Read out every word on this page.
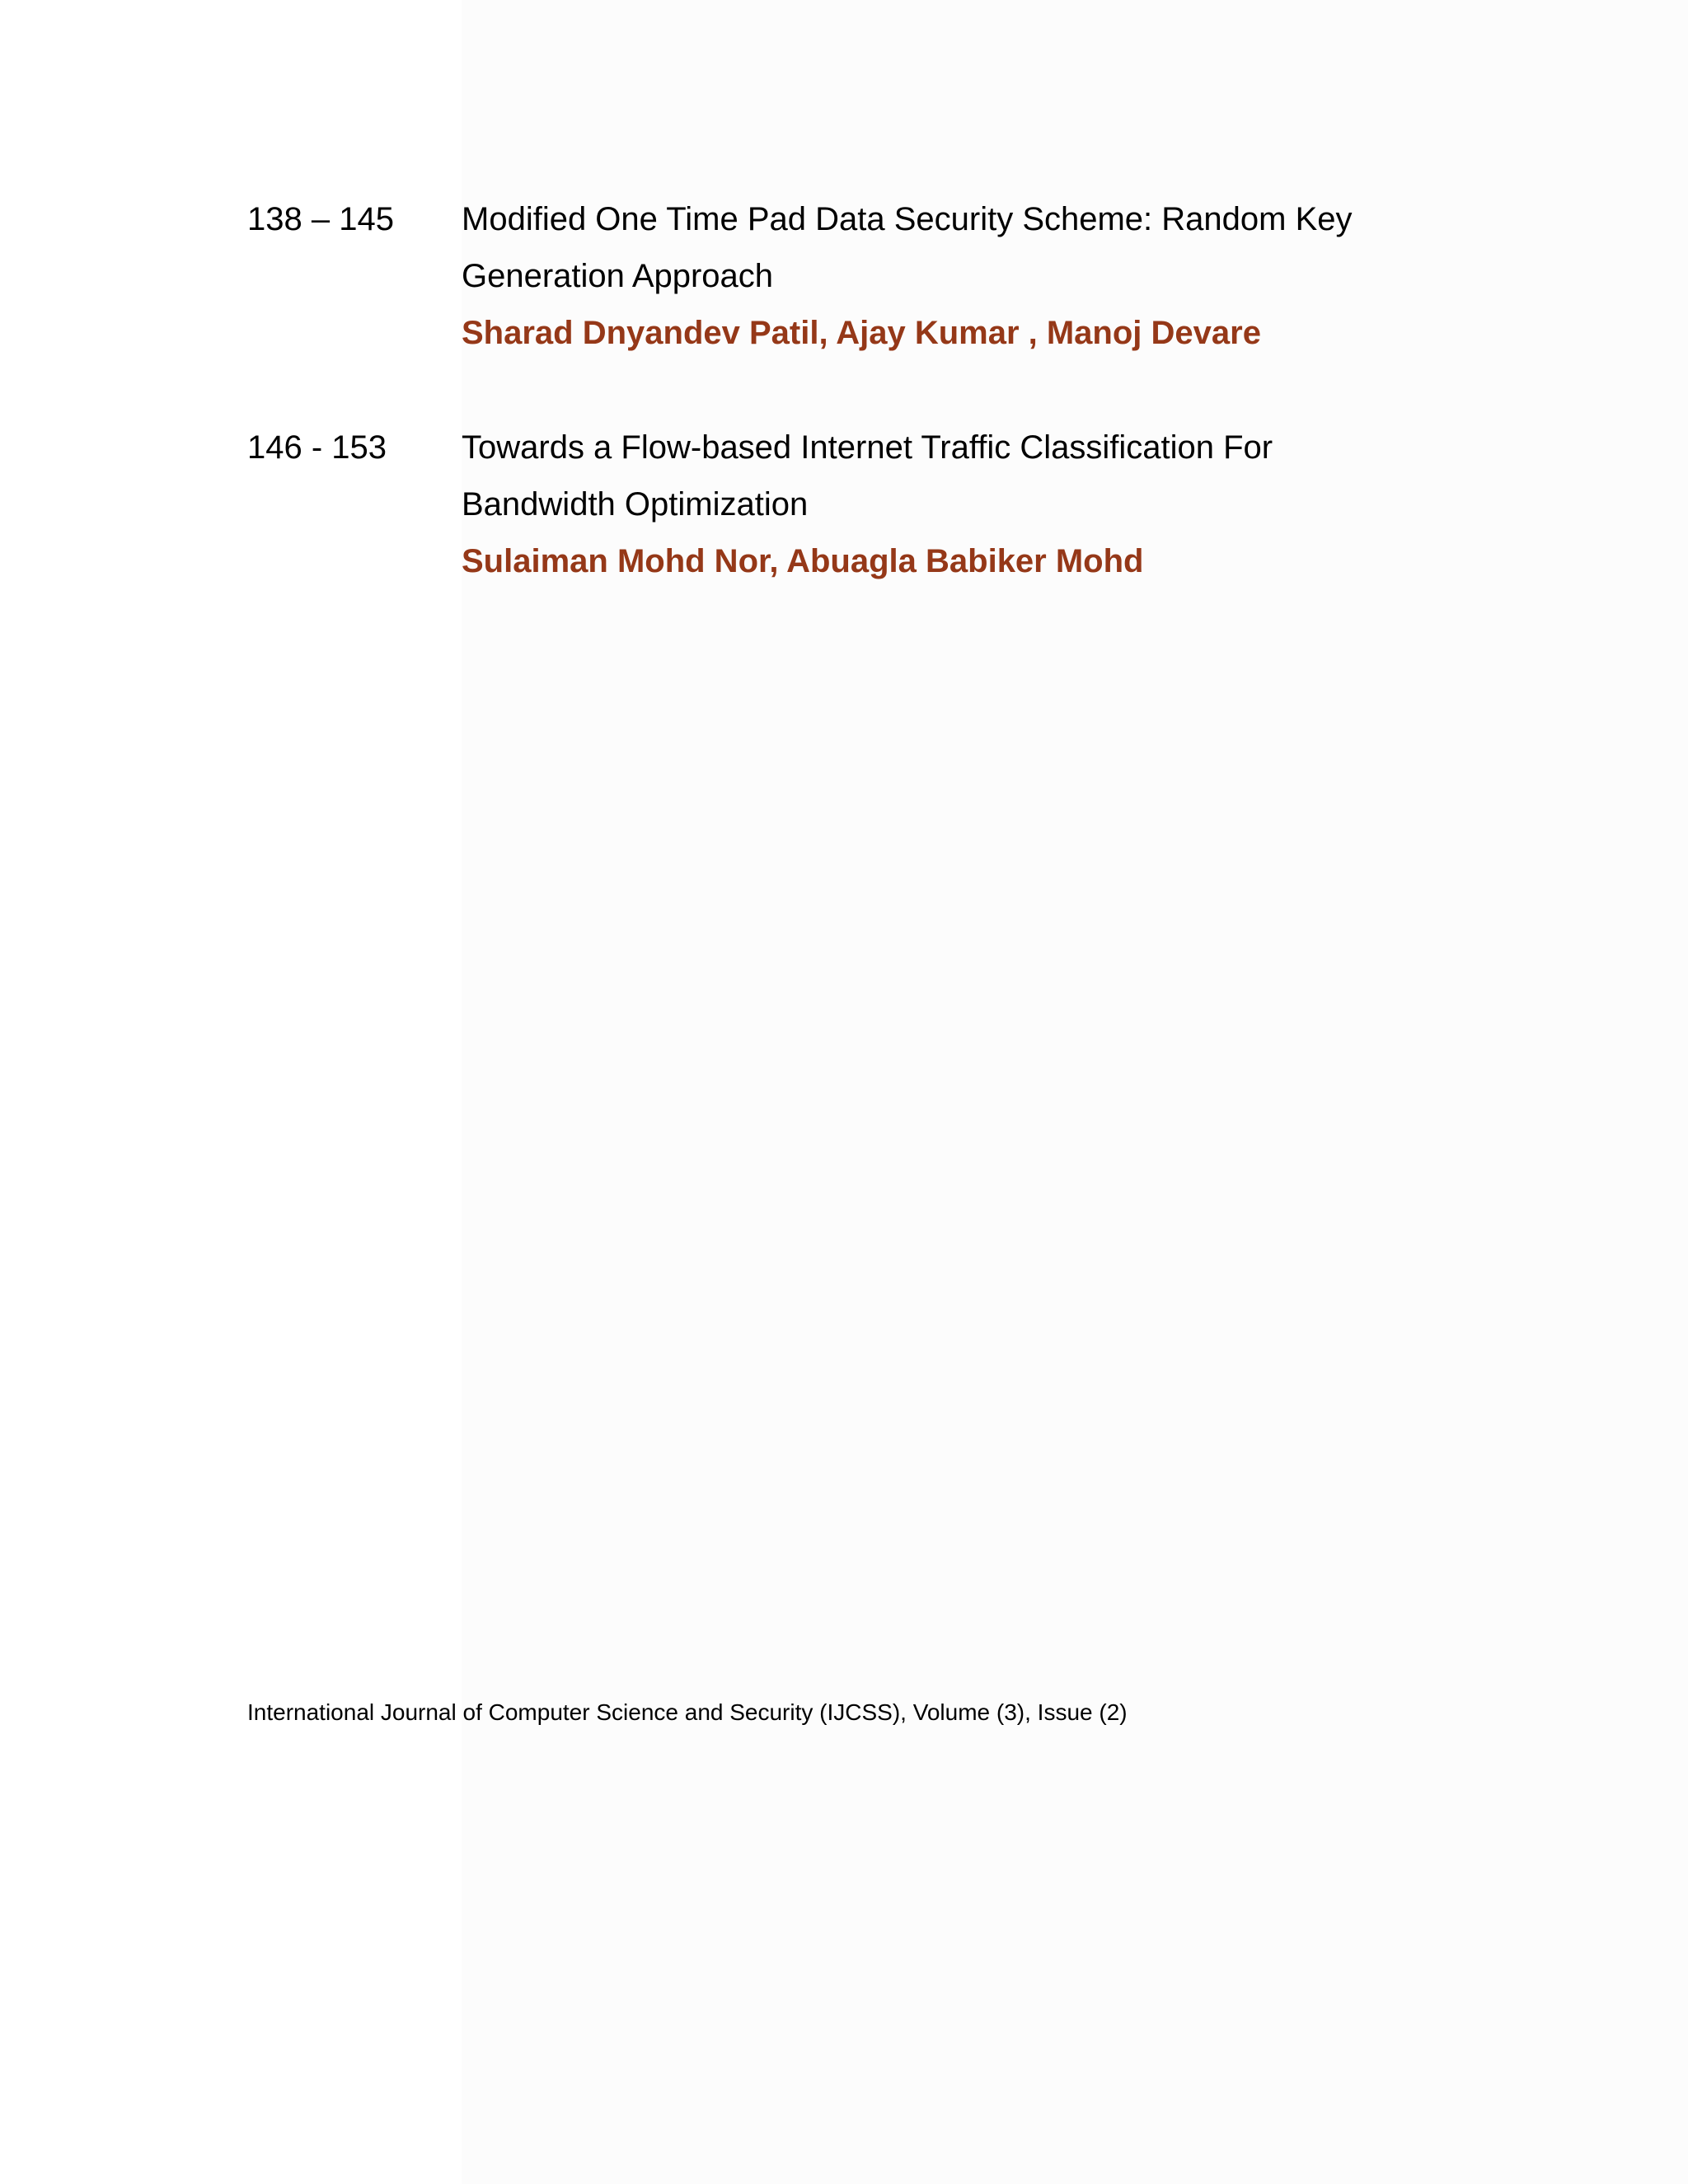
138 – 145 Modified One Time Pad Data Security Scheme: Random Key
Generation Approach
Sharad Dnyandev Patil, Ajay Kumar , Manoj Devare
146 - 153 Towards a Flow-based Internet Traffic Classification For
Bandwidth Optimization
Sulaiman Mohd Nor, Abuagla Babiker Mohd
International Journal of Computer Science and Security (IJCSS), Volume (3), Issue (2)
